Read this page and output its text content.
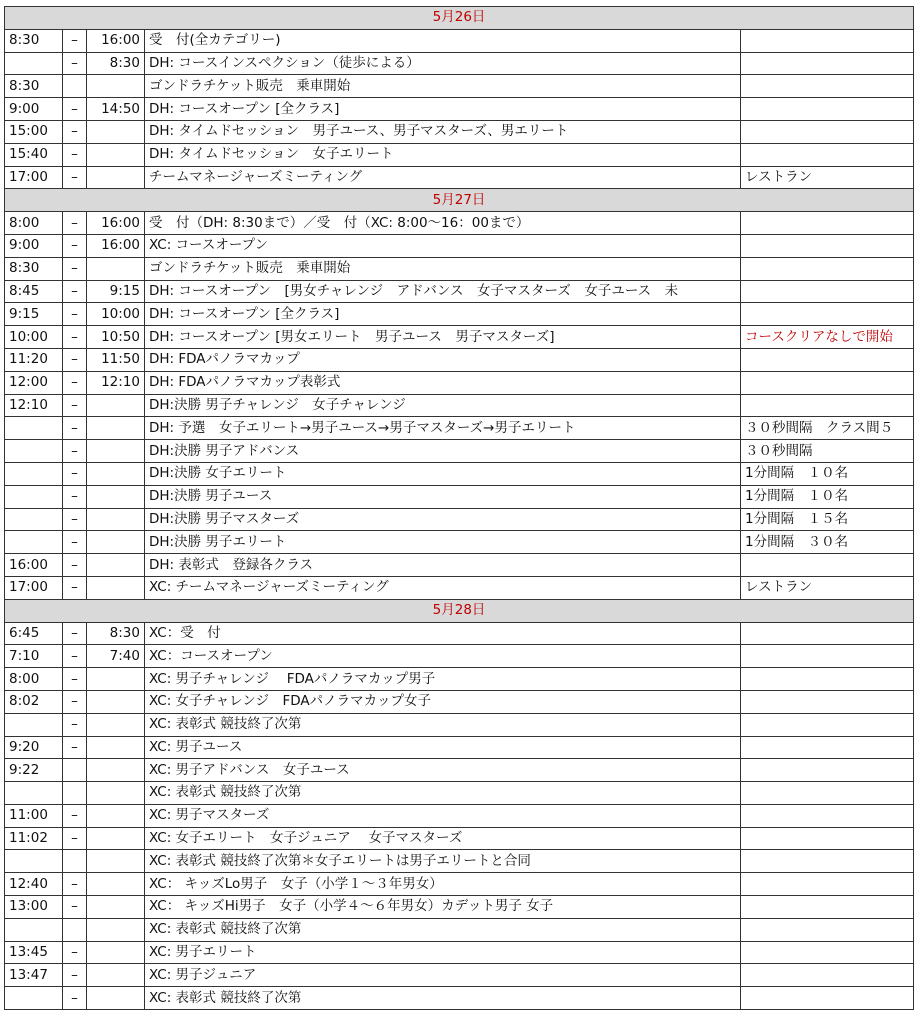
5月26日				
8:30	–	16:00	受　付(全カテゴリー)	
	–	8:30	DH: コースインスペクション（徒歩による）	
8:30			ゴンドラチケット販売　乗車開始	
9:00	–	14:50	DH: コースオープン [全クラス]	
15:00	–		DH: タイムドセッション　男子ユース、男子マスターズ、男エリート	
15:40	–		DH: タイムドセッション　女子エリート	
17:00	–		チームマネージャーズミーティング	レストラン
5月27日				
8:00	–	16:00	受　付（DH: 8:30まで）／受　付（XC: 8:00〜16：00まで）	
9:00	–	16:00	XC: コースオープン	
8:30	–		ゴンドラチケット販売　乗車開始	
8:45	–	9:15	DH: コースオープン　[男女チャレンジ　アドバンス　女子マスターズ　女子ユース　未	
9:15	–	10:00	DH: コースオープン [全クラス]	
10:00	–	10:50	DH: コースオープン [男女エリート　男子ユース　男子マスターズ]	コースクリアなしで開始
11:20	–	11:50	DH: FDAパノラマカップ	
12:00	–	12:10	DH: FDAパノラマカップ表彰式	
12:10	–		DH:決勝 男子チャレンジ　女子チャレンジ	
	–		DH: 予選　女子エリート→男子ユース→男子マスターズ→男子エリート	３０秒間隔　クラス間５
	–		DH:決勝 男子アドバンス	３０秒間隔
	–		DH:決勝 女子エリート	1分間隔　１０名
	–		DH:決勝 男子ユース	1分間隔　１０名
	–		DH:決勝 男子マスターズ	1分間隔　１５名
	–		DH:決勝 男子エリート	1分間隔　３０名
16:00	–		DH: 表彰式　登録各クラス	
17:00	–		XC: チームマネージャーズミーティング	レストラン
5月28日				
6:45	–	8:30	XC：受　付	
7:10	–	7:40	XC：コースオープン	
8:00	–		XC: 男子チャレンジ　 FDAパノラマカップ男子	
8:02	–		XC: 女子チャレンジ　FDAパノラマカップ女子	
	–		XC: 表彰式 競技終了次第	
9:20	–		XC: 男子ユース	
9:22			XC: 男子アドバンス　女子ユース	
			XC: 表彰式 競技終了次第	
11:00	–		XC: 男子マスターズ	
11:02	–		XC: 女子エリート　女子ジュニア　 女子マスターズ	
			XC: 表彰式 競技終了次第＊女子エリートは男子エリートと合同	
12:40	–		XC： キッズLo男子　女子（小学１〜３年男女）	
13:00	–		XC： キッズHi男子　女子（小学４〜６年男女）カデット男子 女子	
			XC: 表彰式 競技終了次第	
13:45	–		XC: 男子エリート	
13:47	–		XC: 男子ジュニア	
	–		XC: 表彰式 競技終了次第	
